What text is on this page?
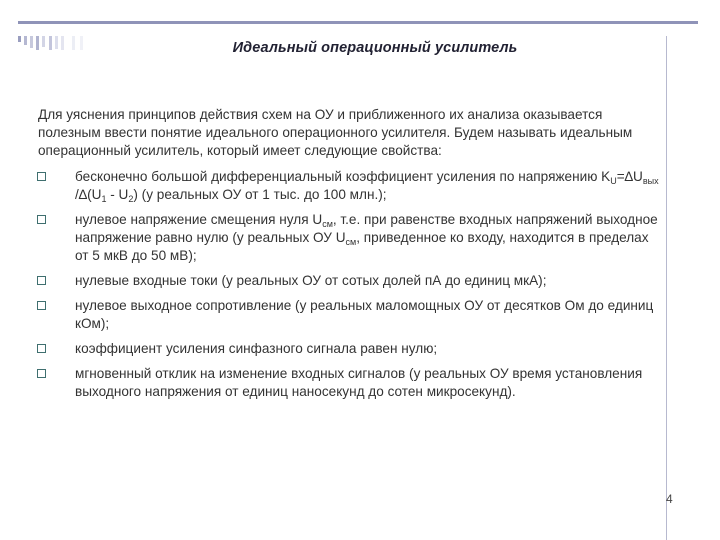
Идеальный операционный усилитель

Для уяснения принципов действия схем на ОУ и приближенного их анализа оказывается полезным ввести понятие идеального операционного усилителя. Будем называть идеальным операционный усилитель, который имеет следующие свойства:

бесконечно большой дифференциальный коэффициент усиления по напряжению $K_U=\Delta U_{вых}$ $/\Delta(U_1 - U_2)$ (у реальных ОУ от 1 тыс. до 100 млн.);
нулевое напряжение смещения нуля $U_{см}$, т.е. при равенстве входных напряжений выходное напряжение равно нулю (у реальных ОУ $U_{см}$, приведенное ко входу, находится в пределах от 5 мкВ до 50 мВ);
нулевые входные токи (у реальных ОУ от сотых долей пА до единиц мкА);
нулевое выходное сопротивление (у реальных маломощных ОУ от десятков Ом до единиц кОм);
коэффициент усиления синфазного сигнала равен нулю;
мгновенный отклик на изменение входных сигналов (у реальных ОУ время установления выходного напряжения от единиц наносекунд до сотен микросекунд).
4
